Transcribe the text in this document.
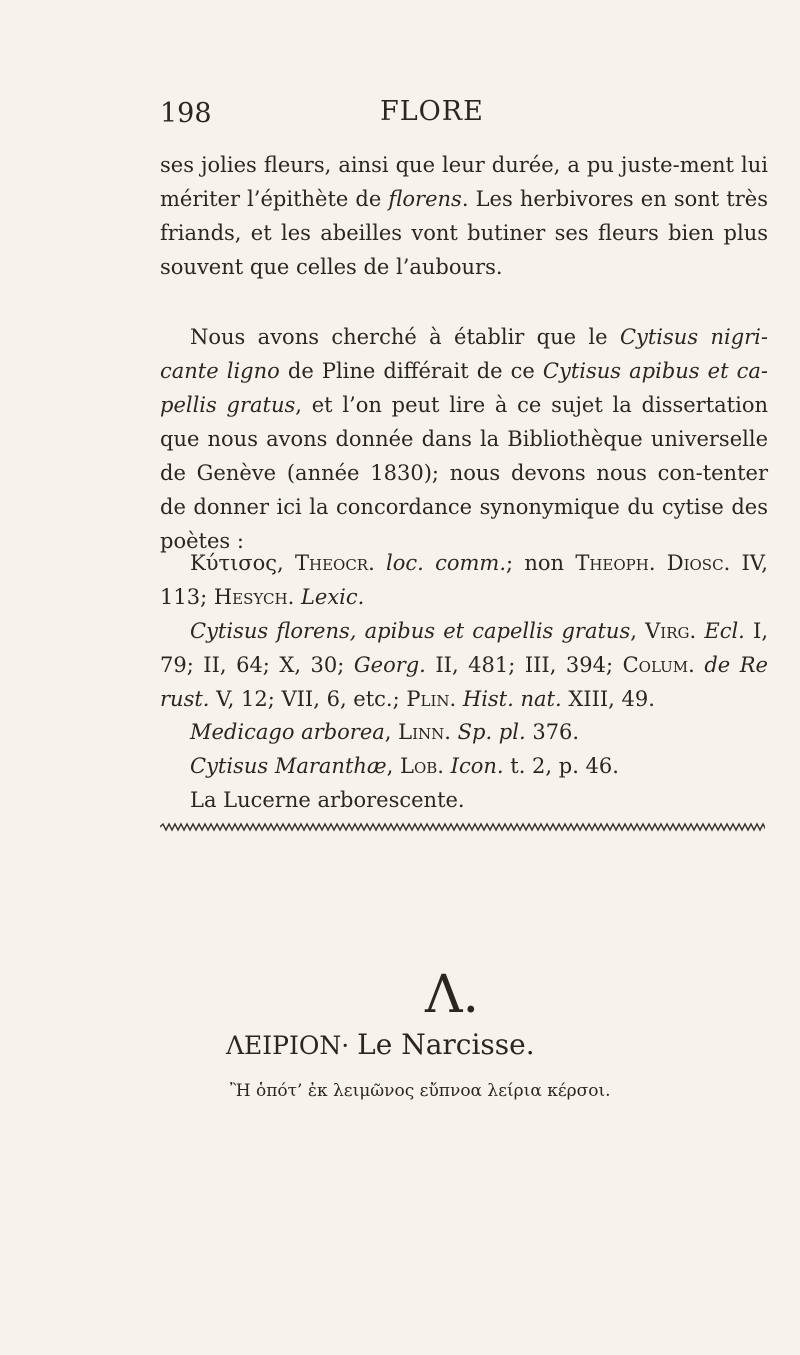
198	FLORE
ses jolies fleurs, ainsi que leur durée, a pu juste-ment lui mériter l’épithète de florens. Les herbivores en sont très friands, et les abeilles vont butiner ses fleurs bien plus souvent que celles de l’aubours.
Nous avons cherché à établir que le Cytisus nigri-cante ligno de Pline différait de ce Cytisus apibus et ca-pellis gratus, et l’on peut lire à ce sujet la dissertation que nous avons donnée dans la Bibliothèque universelle de Genève (année 1830); nous devons nous con-tenter de donner ici la concordance synonymique du cytise des poètes :
Κύτισος, Theocr. loc. comm.; non Theoph. Diosc. IV, 113; Hesych. Lexic.
Cytisus florens, apibus et capellis gratus, Virg. Ecl. I, 79; II, 64; X, 30; Georg. II, 481; III, 394; Colum. de Re rust. V, 12; VII, 6, etc.; Plin. Hist. nat. XIII, 49.
Medicago arborea, Linn. Sp. pl. 376.
Cytisus Maranthæ, Lob. Icon. t. 2, p. 46.
La Lucerne arborescente.
Λ.
ΛΕΙΡΙΟΝ· Le Narcisse.
Ἢ ὁπότ’ ἐκ λειμῶνος εὔπνοα λείρια κέρσοι.
